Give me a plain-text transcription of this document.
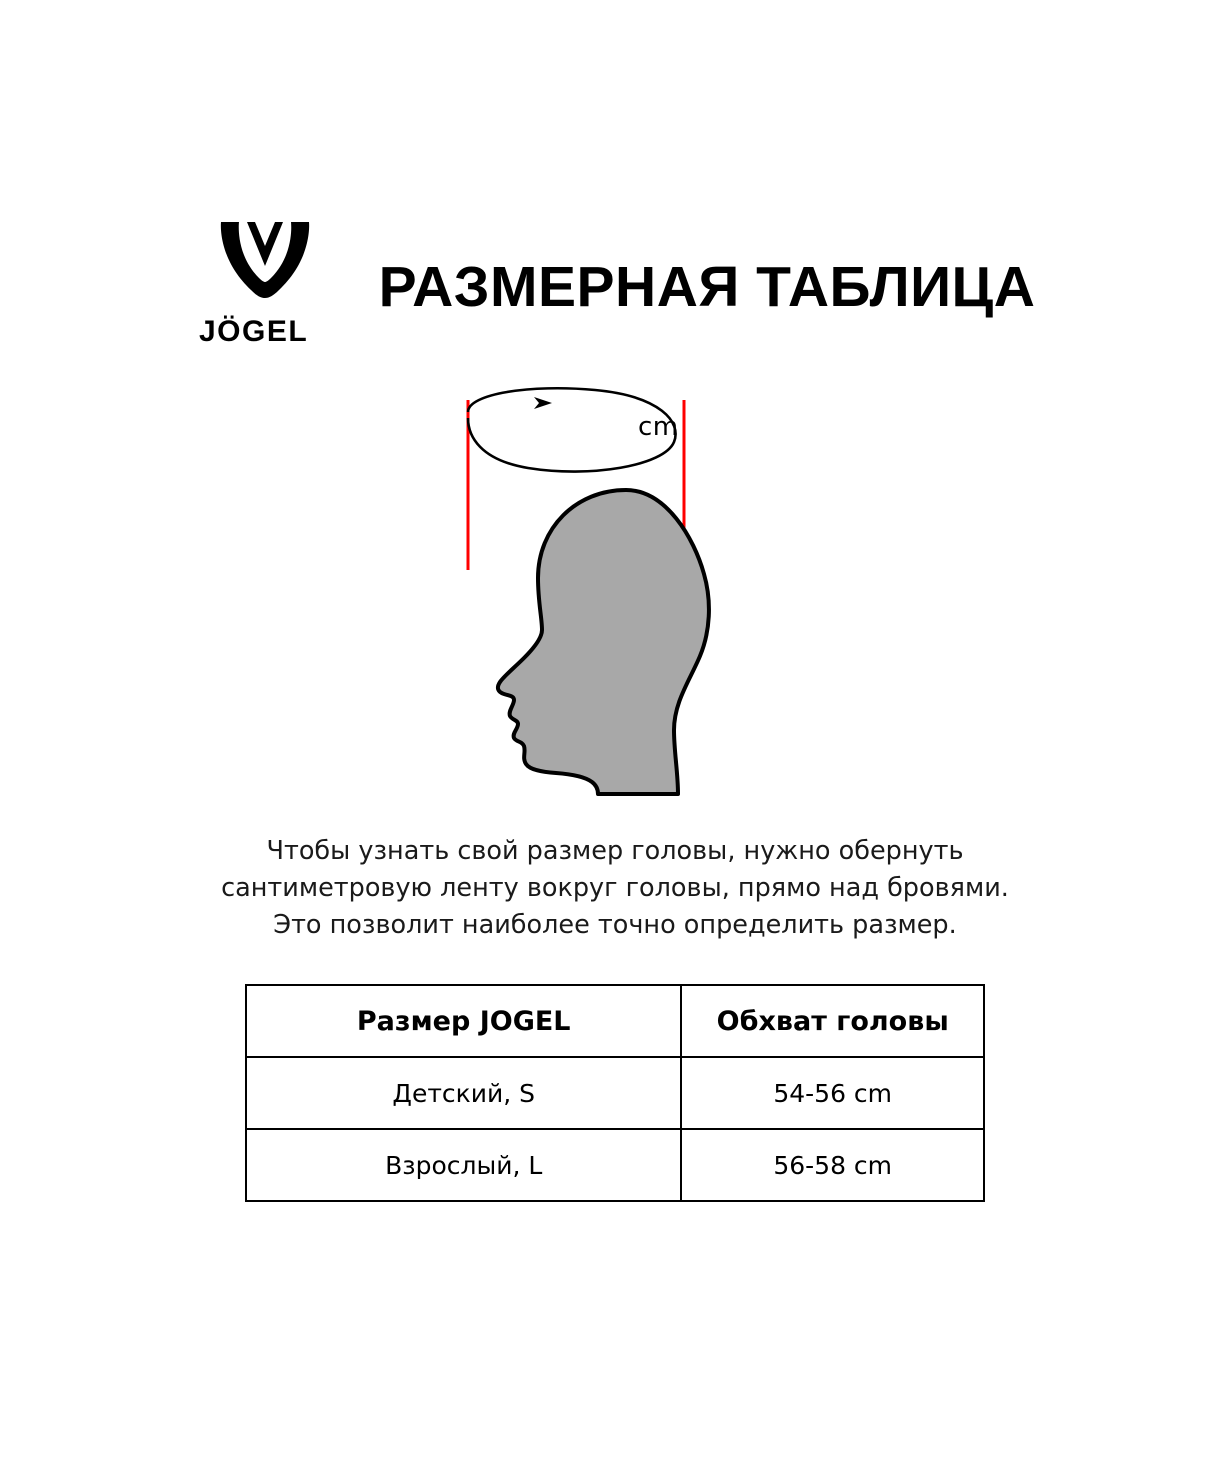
JÖGEL
РАЗМЕРНАЯ ТАБЛИЦА
cm

Чтобы узнать свой размер головы, нужно обернуть

сантиметровую ленту вокруг головы, прямо над бровями.

Это позволит наиболее точно определить размер.

Размер JOGEL	Обхват головы
Детский, S	54-56 cm
Взрослый, L	56-58 cm
